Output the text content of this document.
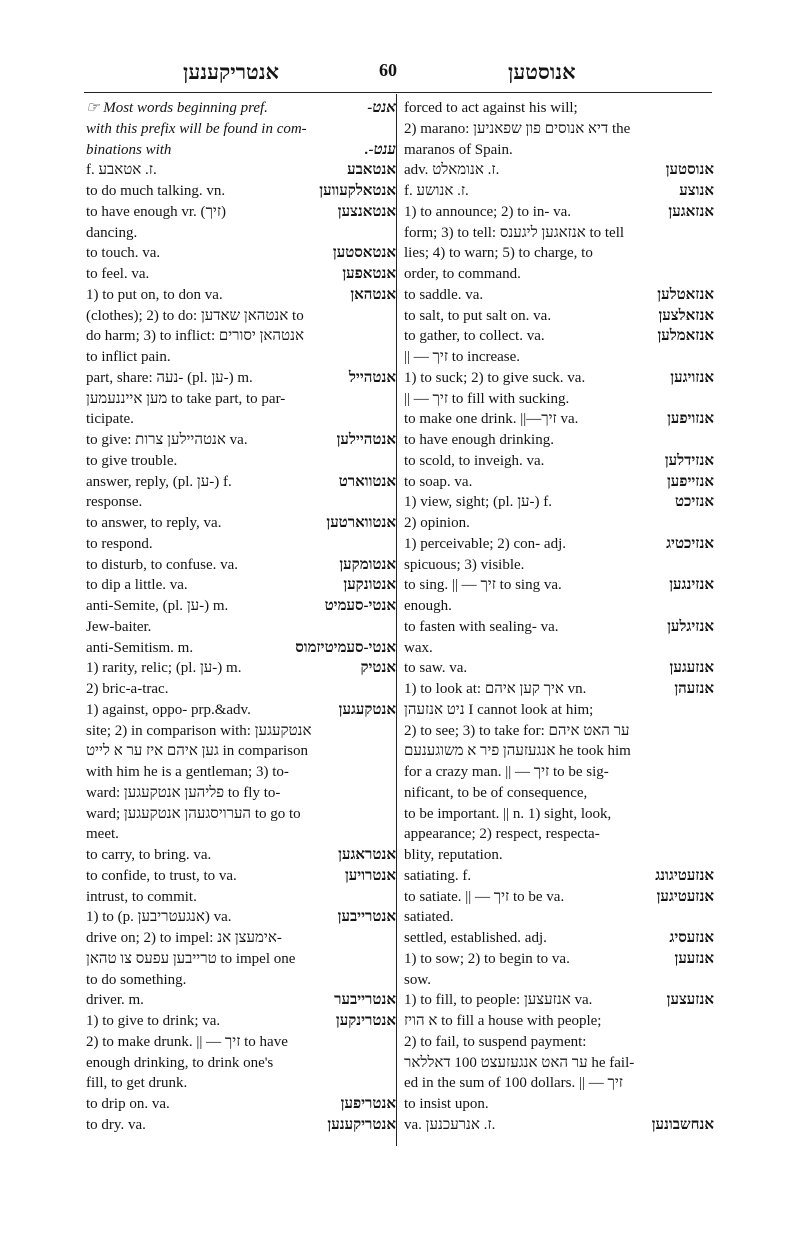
אנטריקענען	60	אנוסטען
☞ Most words beginning pref.	אנט-
with this prefix will be found in com-
binations with	ענט-.
f. ז. אטאבע.	אנטאבע
to do much talking. vn.	אנטאלקעווען
to have enough vr. (זיך)	אנטאנצען
dancing.
to touch. va.	אנטאסטען
to feel. va.	אנטאפען
1) to put on, to don va.	אנטהאן
(clothes); 2) to do: אנטהאן שאדען to
do harm; 3) to inflict: אנטהאן יסורים
to inflict pain.
part, share: נעה- (pl. ען-) m.	אנטהייל
מען אייננעמען to take part, to par-
ticipate.
to give: אנטהיילען צרות va.	אנטהיילען
to give trouble.
answer, reply, (pl. ען-) f.	אנטווארט
response.
to answer, to reply, va.	אנטווארטען
to respond.
to disturb, to confuse. va.	אנטומקען
to dip a little. va.	אנטונקען
anti-Semite, (pl. ען-) m.	אנטי-סעמיט
Jew-baiter.
anti-Semitism. m.	אנטי-סעמיטיזמוס
1) rarity, relic; (pl. ען-) m.	אנטיק
2) bric-a-trac.
1) against, oppo- prp.&adv.	אנטקעגען
site; 2) in comparison with: אנטקעגען
גען איהם איז ער א לייט in comparison
with him he is a gentleman; 3) to-
ward: פליהען אנטקעגען to fly to-
ward; הערויסגעהן אנטקעגען to go to
meet.
to carry, to bring. va.	אנטראגען
to confide, to trust, to va.	אנטרויען
intrust, to commit.
1) to (p. אנגעטריבען) va.	אנטרייבען
drive on; 2) to impel: אימעצן אנ-
טרייבען עפעס צו טהאן to impel one
to do something.
driver. m.	אנטרייבער
1) to give to drink; va.	אנטרינקען
2) to make drunk. || — זיך to have
enough drinking, to drink one's
fill, to get drunk.
to drip on. va.	אנטריפען
to dry. va.	אנטריקענען
forced to act against his will;
2) marano: דיא אנוסים פון שפאניען the
maranos of Spain.
adv. ז. אנומאלט.	אנוסטען
f. ז. אנושע.	אנוצע
1) to announce; 2) to in- va.	אנזאגען
form; 3) to tell: אנזאגען ליגענס to tell
lies; 4) to warn; 5) to charge, to
order, to command.
to saddle. va.	אנזאטלען
to salt, to put salt on. va.	אנזאלצען
to gather, to collect. va.	אנזאמלען
|| — זיך to increase.
1) to suck; 2) to give suck. va.	אנזויגען
|| — זיך to fill with sucking.
to make one drink. ||—זיך va.	אנזויפען
to have enough drinking.
to scold, to inveigh. va.	אנזידלען
to soap. va.	אנזייפען
1) view, sight; (pl. ען-) f.	אנזיכט
2) opinion.
1) perceivable; 2) con- adj.	אנזיכטיג
spicuous; 3) visible.
to sing. || — זיך to sing va.	אנזינגען
enough.
to fasten with sealing- va.	אנזיגלען
wax.
to saw. va.	אנזעגען
1) to look at: איך קען איהם vn.	אנזעהן
ניט אנזעהן I cannot look at him;
2) to see; 3) to take for: ער האט איהם
אנגעזעהן פיר א משוגענעם he took him
for a crazy man. || — זיך to be sig-
nificant, to be of consequence,
to be important. || n. 1) sight, look,
appearance; 2) respect, respecta-
blity, reputation.
satiating. f.	אנזעטיגונג
to satiate. || — זיך to be va.	אנזעטיגען
satiated.
settled, established. adj.	אנזעסיג
1) to sow; 2) to begin to va.	אנזעען
sow.
1) to fill, to people: אנזעצען va.	אנזעצען
א הויז to fill a house with people;
2) to fail, to suspend payment:
ער האט אנגעזעצט 100 דאללאר he fail-
ed in the sum of 100 dollars. || — זיך
to insist upon.
va. ז. אנרעכנען.	אנחשבונען
